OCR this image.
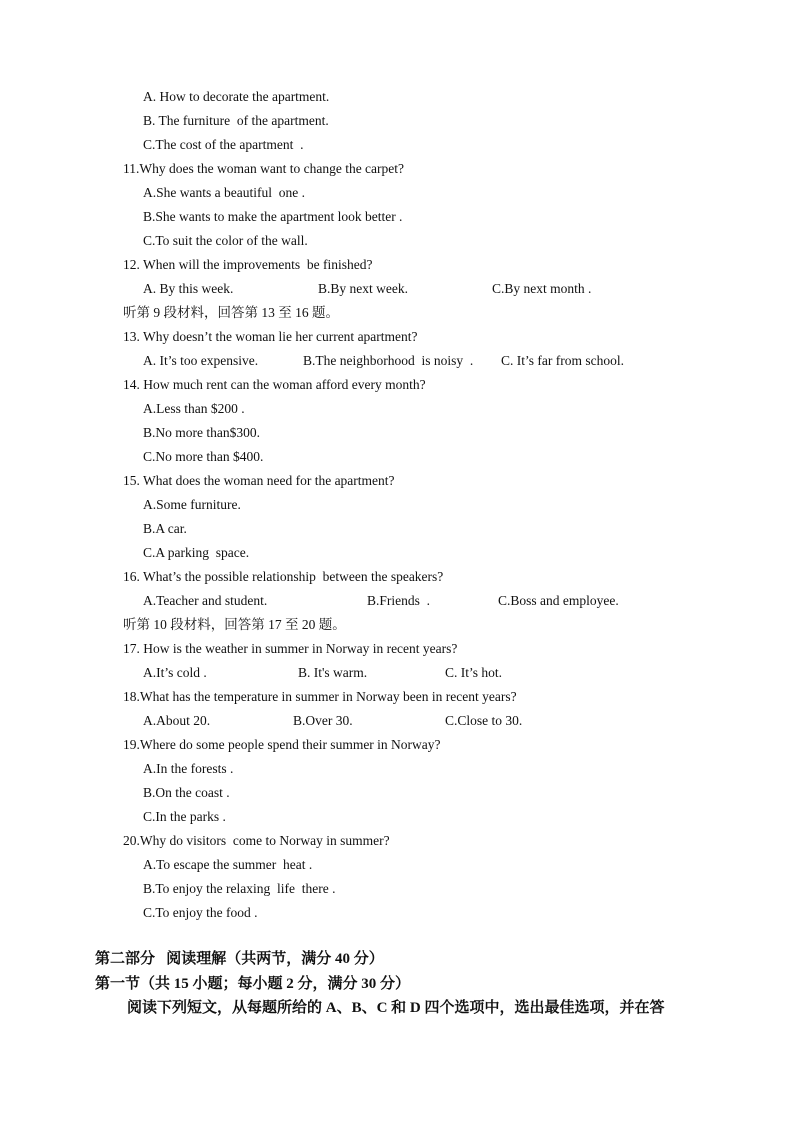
A. How to decorate the apartment.
B. The furniture  of the apartment.
C.The cost of the apartment  .
11.Why does the woman want to change the carpet?
A.She wants a beautiful  one .
B.She wants to make the apartment look better .
C.To suit the color of the wall.
12. When will the improvements  be finished?
A. By this week.	B.By next week.	C.By next month .
听第 9 段材料，回答第 13 至 16 题。
13. Why doesn’t the woman lie her current apartment?
A. It’s too expensive.	B.The neighborhood  is noisy  . C. It’s far from school.
14. How much rent can the woman afford every month?
A.Less than $200 .
B.No more than$300.
C.No more than $400.
15. What does the woman need for the apartment?
A.Some furniture.
B.A car.
C.A parking  space.
16. What’s the possible relationship  between the speakers?
A.Teacher and student.	B.Friends  .	C.Boss and employee.
听第 10 段材料，回答第 17 至 20 题。
17. How is the weather in summer in Norway in recent years?
A.It’s cold .	B. It's warm.	C. It’s hot.
18.What has the temperature in summer in Norway been in recent years?
A.About 20.	B.Over 30.	C.Close to 30.
19.Where do some people spend their summer in Norway?
A.In the forests .
B.On the coast .
C.In the parks .
20.Why do visitors  come to Norway in summer?
A.To escape the summer  heat .
B.To enjoy the relaxing  life  there .
C.To enjoy the food .
第二部分   阅读理解（共两节，满分 40 分）
第一节（共 15 小题；每小题 2 分，满分 30 分）
阅读下列短文，从每题所给的 A、B、C 和 D 四个选项中，选出最佳选项，并在答
